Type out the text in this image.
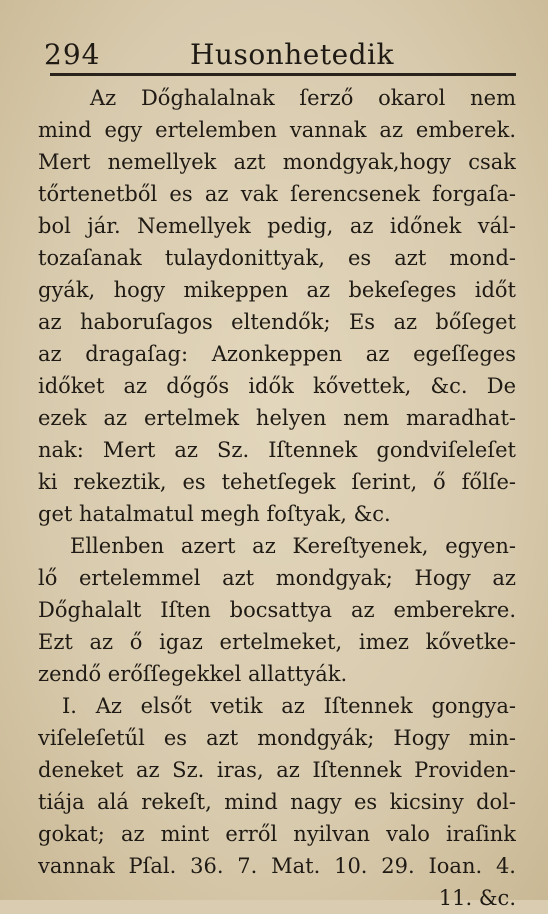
294	Husonhetedik
Az Dőghalalnak ſerző okarol nem
mind egy ertelemben vannak az emberek.
Mert nemellyek azt mondgyak,hogy csak
tőrtenetből es az vak ſerencsenek forgaſa-
bol jár. Nemellyek pedig, az időnek vál-
tozaſanak tulaydonittyak, es azt mond-
gyák, hogy mikeppen az bekeſeges időt
az haboruſagos eltendők; Es az bőſeget
az dragaſag: Azonkeppen az egeſſeges
időket az dőgős idők kővettek, &c. De
ezek az ertelmek helyen nem maradhat-
nak: Mert az Sz. Iſtennek gondviſeleſet
ki rekeztik, es tehetſegek ſerint, ő főlſe-
get hatalmatul megh foſtyak, &c.
Ellenben azert az Kereſtyenek, egyen-
lő ertelemmel azt mondgyak; Hogy az
Dőghalalt Iſten bocsattya az emberekre.
Ezt az ő igaz ertelmeket, imez kővetke-
zendő erőſſegekkel allattyák.
I. Az elsőt vetik az Iſtennek gongya-
viſeleſetűl es azt mondgyák; Hogy min-
deneket az Sz. iras, az Iſtennek Providen-
tiája alá rekeſt, mind nagy es kicsiny dol-
gokat; az mint erről nyilvan valo iraſink
vannak Pſal. 36. 7. Mat. 10. 29. Ioan. 4.
11. &c.
